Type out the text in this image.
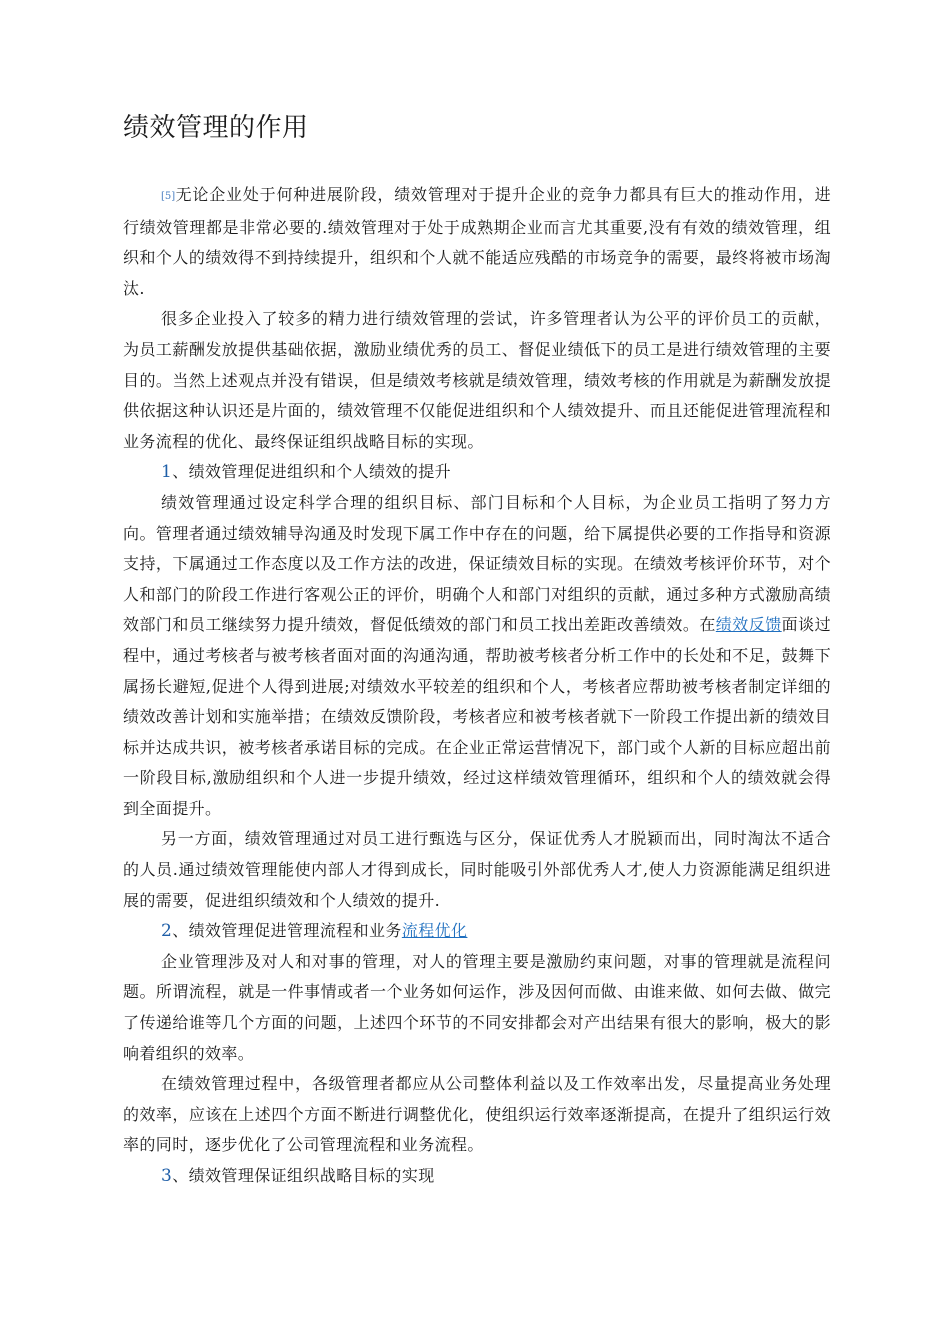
绩效管理的作用

[5]无论企业处于何种进展阶段，绩效管理对于提升企业的竞争力都具有巨大的推动作用，进行绩效管理都是非常必要的.绩效管理对于处于成熟期企业而言尤其重要,没有有效的绩效管理，组织和个人的绩效得不到持续提升，组织和个人就不能适应残酷的市场竞争的需要，最终将被市场淘汰.

很多企业投入了较多的精力进行绩效管理的尝试，许多管理者认为公平的评价员工的贡献，为员工薪酬发放提供基础依据，激励业绩优秀的员工、督促业绩低下的员工是进行绩效管理的主要目的。当然上述观点并没有错误，但是绩效考核就是绩效管理，绩效考核的作用就是为薪酬发放提供依据这种认识还是片面的，绩效管理不仅能促进组织和个人绩效提升、而且还能促进管理流程和业务流程的优化、最终保证组织战略目标的实现。

1、绩效管理促进组织和个人绩效的提升

绩效管理通过设定科学合理的组织目标、部门目标和个人目标，为企业员工指明了努力方向。管理者通过绩效辅导沟通及时发现下属工作中存在的问题，给下属提供必要的工作指导和资源支持，下属通过工作态度以及工作方法的改进，保证绩效目标的实现。在绩效考核评价环节，对个人和部门的阶段工作进行客观公正的评价，明确个人和部门对组织的贡献，通过多种方式激励高绩效部门和员工继续努力提升绩效，督促低绩效的部门和员工找出差距改善绩效。在绩效反馈面谈过程中，通过考核者与被考核者面对面的沟通沟通，帮助被考核者分析工作中的长处和不足，鼓舞下属扬长避短,促进个人得到进展;对绩效水平较差的组织和个人，考核者应帮助被考核者制定详细的绩效改善计划和实施举措；在绩效反馈阶段，考核者应和被考核者就下一阶段工作提出新的绩效目标并达成共识，被考核者承诺目标的完成。在企业正常运营情况下，部门或个人新的目标应超出前一阶段目标,激励组织和个人进一步提升绩效，经过这样绩效管理循环，组织和个人的绩效就会得到全面提升。

另一方面，绩效管理通过对员工进行甄选与区分，保证优秀人才脱颖而出，同时淘汰不适合的人员.通过绩效管理能使内部人才得到成长，同时能吸引外部优秀人才,使人力资源能满足组织进展的需要，促进组织绩效和个人绩效的提升.

2、绩效管理促进管理流程和业务流程优化

企业管理涉及对人和对事的管理，对人的管理主要是激励约束问题，对事的管理就是流程问题。所谓流程，就是一件事情或者一个业务如何运作，涉及因何而做、由谁来做、如何去做、做完了传递给谁等几个方面的问题，上述四个环节的不同安排都会对产出结果有很大的影响，极大的影响着组织的效率。

在绩效管理过程中，各级管理者都应从公司整体利益以及工作效率出发，尽量提高业务处理的效率，应该在上述四个方面不断进行调整优化，使组织运行效率逐渐提高，在提升了组织运行效率的同时，逐步优化了公司管理流程和业务流程。

3、绩效管理保证组织战略目标的实现
